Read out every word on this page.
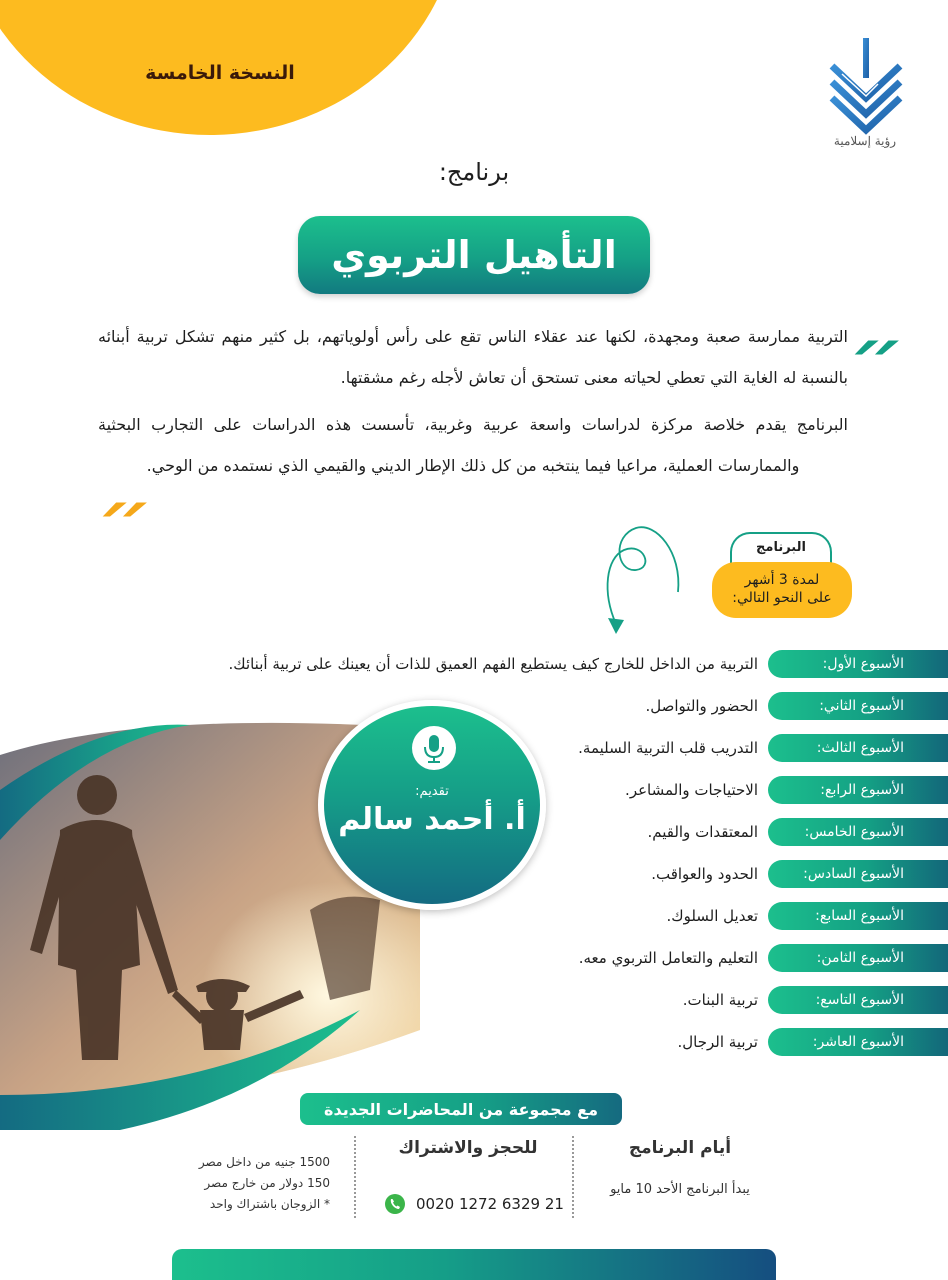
النسخة الخامسة
رؤية إسلامية
برنامج:
التأهيل التربوي
״

التربية ممارسة صعبة ومجهدة، لكنها عند عقلاء الناس تقع على رأس أولوياتهم، بل كثير منهم تشكل تربية أبنائه بالنسبة له الغاية التي تعطي لحياته معنى تستحق أن تعاش لأجله رغم مشقتها.

البرنامج يقدم خلاصة مركزة لدراسات واسعة عربية وغربية، تأسست هذه الدراسات على التجارب البحثية والممارسات العملية، مراعيا فيما ينتخبه من كل ذلك الإطار الديني والقيمي الذي نستمده من الوحي.

״	البرنامج
لمدة 3 أشهر
على النحو التالي:
تقديم:
أ. أحمد سالم
الأسبوع الأول:
التربية من الداخل للخارج كيف يستطيع الفهم العميق للذات أن يعينك على تربية أبنائك.
الأسبوع الثاني:
الحضور والتواصل.
الأسبوع الثالث:
التدريب قلب التربية السليمة.
الأسبوع الرابع:
الاحتياجات والمشاعر.
الأسبوع الخامس:
المعتقدات والقيم.
الأسبوع السادس:
الحدود والعواقب.
الأسبوع السابع:
تعديل السلوك.
الأسبوع الثامن:
التعليم والتعامل التربوي معه.
الأسبوع التاسع:
تربية البنات.
الأسبوع العاشر:
تربية الرجال.
مع مجموعة من المحاضرات الجديدة
أيام البرنامج
يبدأ البرنامج الأحد 10 مايو
للحجز والاشتراك
0020 1272 6329 21
1500 جنيه من داخل مصر
150 دولار من خارج مصر
* الزوجان باشتراك واحد
